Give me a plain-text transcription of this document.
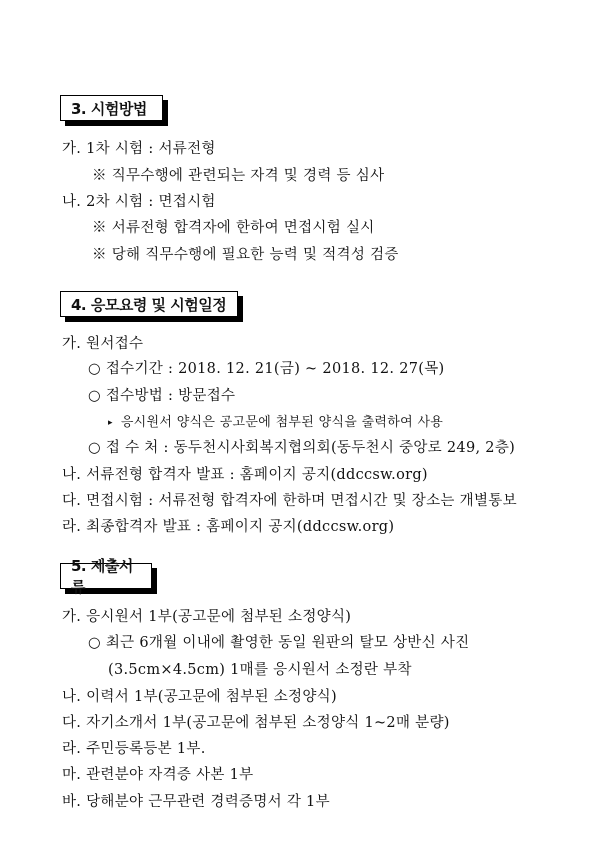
3. 시험방법
가. 1차 시험 : 서류전형
※ 직무수행에 관련되는 자격 및 경력 등 심사
나. 2차 시험 : 면접시험
※ 서류전형 합격자에 한하여 면접시험 실시
※ 당해 직무수행에 필요한 능력 및 적격성 검증
4. 응모요령 및 시험일정
가. 원서접수
○ 접수기간 : 2018. 12. 21(금) ~ 2018. 12. 27(목)
○ 접수방법 : 방문접수
▸ 응시원서 양식은 공고문에 첨부된 양식을 출력하여 사용
○ 접 수 처 : 동두천시사회복지협의회(동두천시 중앙로 249, 2층)
나. 서류전형 합격자 발표 : 홈페이지 공지(ddccsw.org)
다. 면접시험 : 서류전형 합격자에 한하며 면접시간 및 장소는 개별통보
라. 최종합격자 발표 : 홈페이지 공지(ddccsw.org)
5. 제출서류
가. 응시원서 1부(공고문에 첨부된 소정양식)
○ 최근 6개월 이내에 촬영한 동일 원판의 탈모 상반신 사진
(3.5cm×4.5cm) 1매를 응시원서 소정란 부착
나. 이력서 1부(공고문에 첨부된 소정양식)
다. 자기소개서 1부(공고문에 첨부된 소정양식 1~2매 분량)
라. 주민등록등본 1부.
마. 관련분야 자격증 사본 1부
바. 당해분야 근무관련 경력증명서 각 1부
